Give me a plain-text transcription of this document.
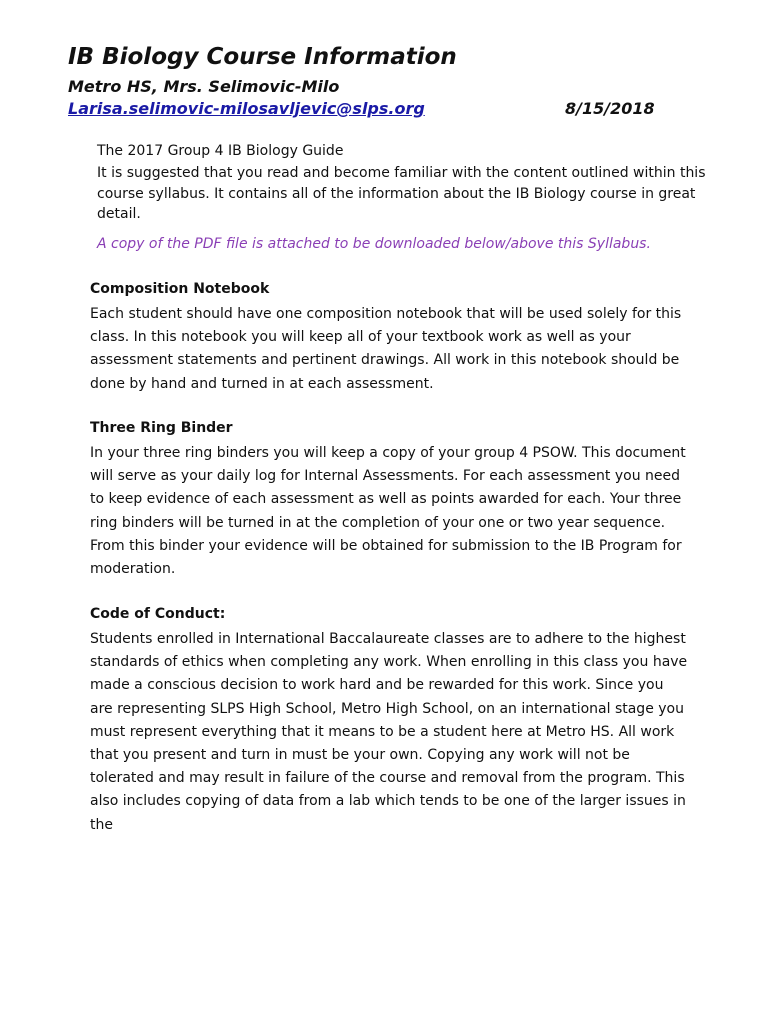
IB Biology Course Information
Metro HS, Mrs. Selimovic-Milo
Larisa.selimovic-milosavljevic@slps.org	8/15/2018
The 2017 Group 4 IB Biology Guide

It is suggested that you read and become familiar with the content outlined within this course syllabus. It contains all of the information about the IB Biology course in great detail.

A copy of the PDF file is attached to be downloaded below/above this Syllabus.
Composition Notebook

Each student should have one composition notebook that will be used solely for this class. In this notebook you will keep all of your textbook work as well as your assessment statements and pertinent drawings. All work in this notebook should be done by hand and turned in at each assessment.

Three Ring Binder

In your three ring binders you will keep a copy of your group 4 PSOW. This document will serve as your daily log for Internal Assessments. For each assessment you need to keep evidence of each assessment as well as points awarded for each. Your three ring binders will be turned in at the completion of your one or two year sequence. From this binder your evidence will be obtained for submission to the IB Program for moderation.

Code of Conduct:

Students enrolled in International Baccalaureate classes are to adhere to the highest standards of ethics when completing any work. When enrolling in this class you have made a conscious decision to work hard and be rewarded for this work. Since you are representing SLPS High School, Metro High School, on an international stage you must represent everything that it means to be a student here at Metro HS. All work that you present and turn in must be your own. Copying any work will not be tolerated and may result in failure of the course and removal from the program. This also includes copying of data from a lab which tends to be one of the larger issues in the
